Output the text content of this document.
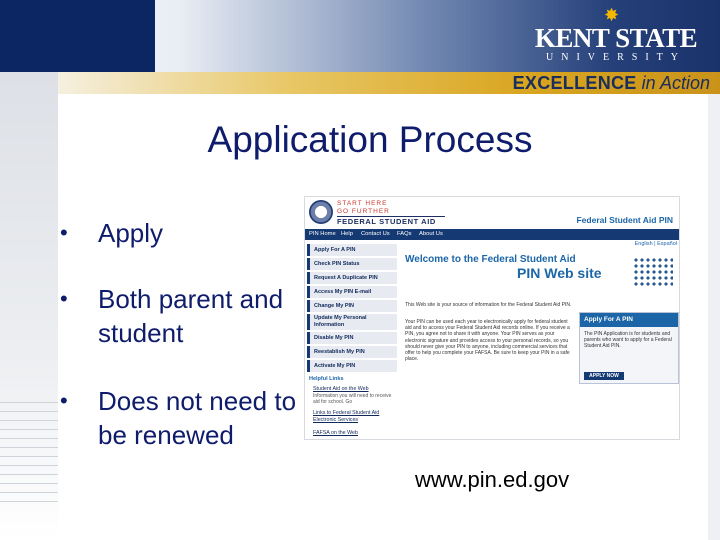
✸
KENT STATE
UNIVERSITY
EXCELLENCE in Action
Application Process
•	Apply
•	Both parent and student
•	Does not need to be renewed
www.pin.ed.gov
START HERE
GO FURTHER
FEDERAL STUDENT AID	Federal Student Aid PIN
PIN Home Help Contact Us FAQs About Us
Apply For A PIN
Check PIN Status
Request A Duplicate PIN
Access My PIN E-mail
Change My PIN
Update My Personal Information
Disable My PIN
Reestablish My PIN
Activate My PIN
Helpful Links
Student Aid on the Web
Information you will need to receive aid for school. Go
Links to Federal Student Aid Electronic Services
FAFSA on the Web
English | Español
Welcome to the Federal Student Aid
PIN Web site
This Web site is your source of information for the Federal Student Aid PIN.
Your PIN can be used each year to electronically apply for federal student aid and to access your Federal Student Aid records online. If you receive a PIN, you agree not to share it with anyone. Your PIN serves as your electronic signature and provides access to your personal records, so you should never give your PIN to anyone, including commercial services that offer to help you complete your FAFSA. Be sure to keep your PIN in a safe place.
Apply For A PIN
The PIN Application is for students and parents who want to apply for a Federal Student Aid PIN.
APPLY NOW
